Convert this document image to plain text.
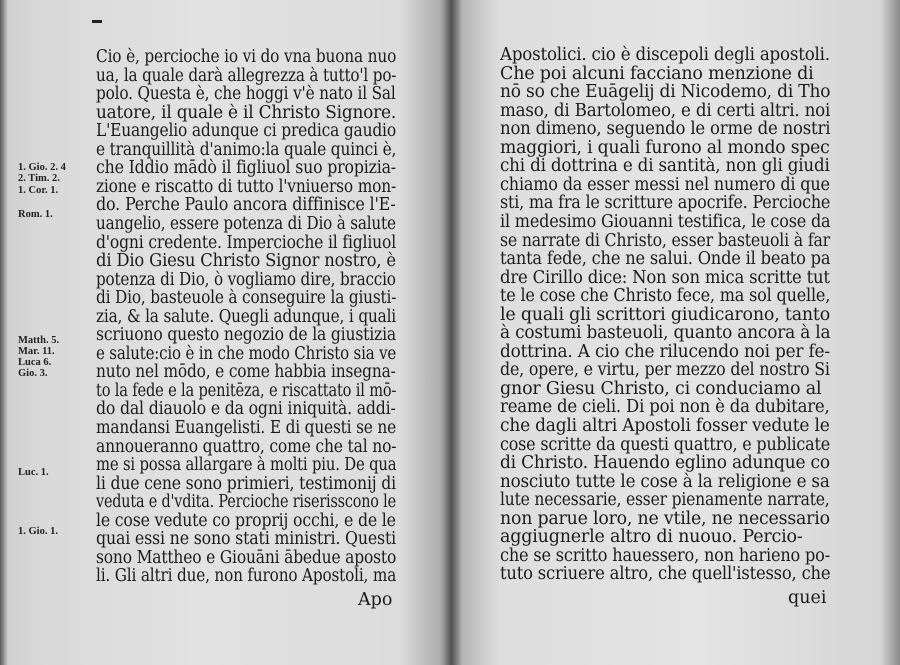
Cio è, percioche io vi do vna buona nuo
ua, la quale darà allegrezza à tutto'l po-
polo. Questa è, che hoggi v'è nato il Sal
uatore, il quale è il Christo Signore.
L'Euangelio adunque ci predica gaudio
e tranquillità d'animo:la quale quinci è,
che Iddio mādò il figliuol suo propizia-
zione e riscatto di tutto l'vniuerso mon-
do. Perche Paulo ancora diffinisce l'E-
uangelio, essere potenza di Dio à salute
d'ogni credente. Impercioche il figliuol
di Dio Giesu Christo Signor nostro, è
potenza di Dio, ò vogliamo dire, braccio
di Dio, basteuole à conseguire la giusti-
zia, & la salute. Quegli adunque, i quali
scriuono questo negozio de la giustizia
e salute:cio è in che modo Christo sia ve
nuto nel mōdo, e come habbia insegna-
to la fede e la penitēza, e riscattato il mō-
do dal diauolo e da ogni iniquità. addi-
mandansi Euangelisti. E di questi se ne
annoueranno quattro, come che tal no-
me si possa allargare à molti piu. De qua
li due cene sono primieri, testimonij di
veduta e d'vdita. Percioche riserisscono le
le cose vedute co proprij occhi, e de le
quai essi ne sono stati ministri. Questi
sono Mattheo e Giouāni ābedue aposto
li. Gli altri due, non furono Apostoli, ma
1. Gio. 2. 4
2. Tim. 2.
1. Cor. 1.
Rom. 1.
Matth. 5.
Mar. 11.
Luca 6.
Gio. 3.
Luc. 1.
1. Gio. 1.
Apo
Apostolici. cio è discepoli degli apostoli.
Che poi alcuni facciano menzione di
nō so che Euāgelij di Nicodemo, di Tho
maso, di Bartolomeo, e di certi altri. noi
non dimeno, seguendo le orme de nostri
maggiori, i quali furono al mondo spec
chi di dottrina e di santità, non gli giudi
chiamo da esser messi nel numero di que
sti, ma fra le scritture apocrife. Percioche
il medesimo Giouanni testifica, le cose da
se narrate di Christo, esser basteuoli à far
tanta fede, che ne salui. Onde il beato pa
dre Cirillo dice: Non son mica scritte tut
te le cose che Christo fece, ma sol quelle,
le quali gli scrittori giudicarono, tanto
à costumi basteuoli, quanto ancora à la
dottrina. A cio che rilucendo noi per fe-
de, opere, e virtu, per mezzo del nostro Si
gnor Giesu Christo, ci conduciamo al
reame de cieli. Di poi non è da dubitare,
che dagli altri Apostoli fosser vedute le
cose scritte da questi quattro, e publicate
di Christo. Hauendo eglino adunque co
nosciuto tutte le cose à la religione e sa
lute necessarie, esser pienamente narrate,
non parue loro, ne vtile, ne necessario
aggiugnerle altro di nuouo. Percio-
che se scritto hauessero, non harieno po-
tuto scriuere altro, che quell'istesso, che
quei
